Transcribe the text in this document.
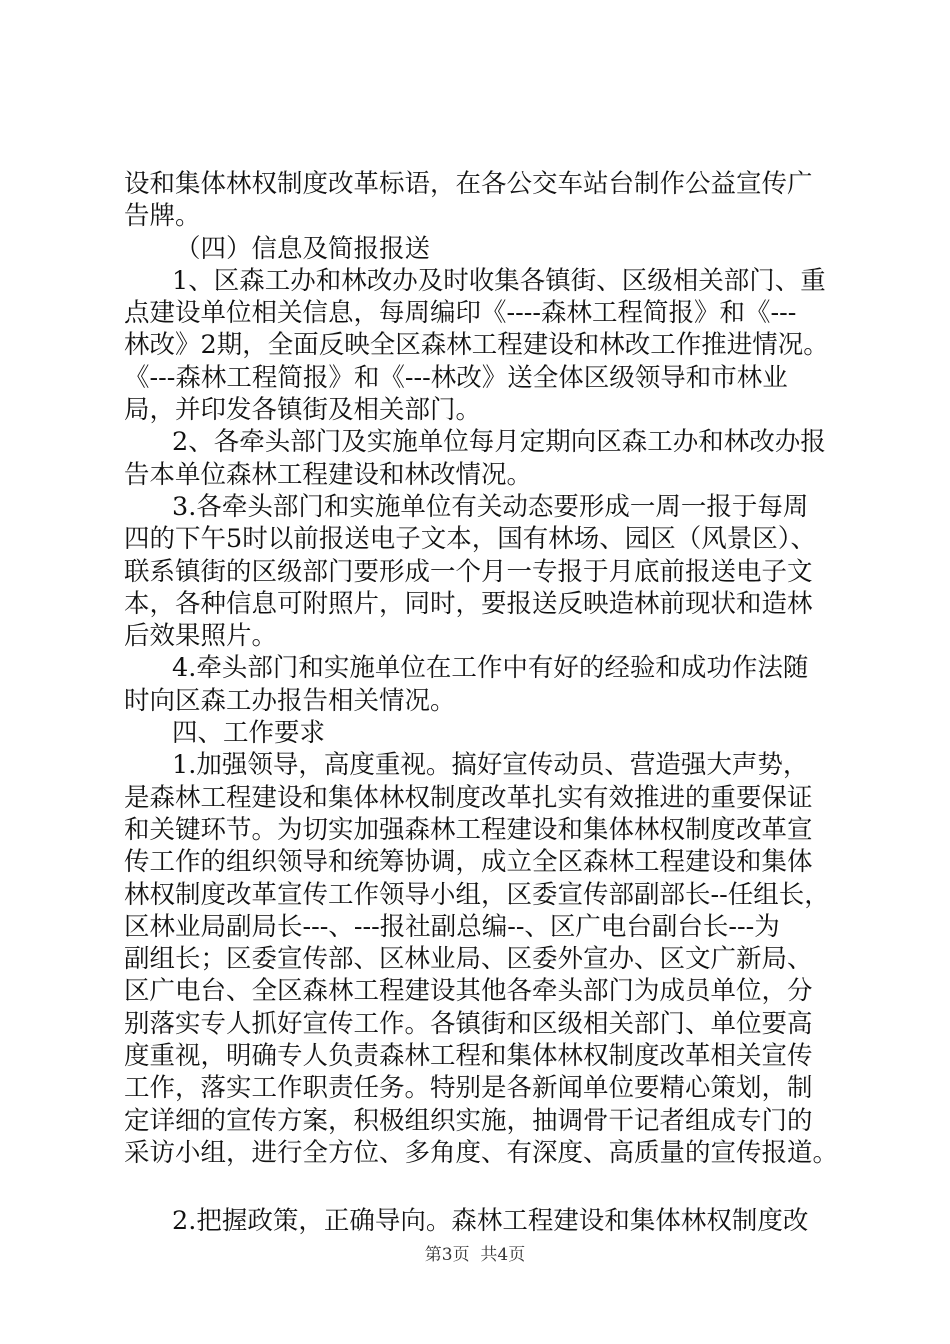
设和集体林权制度改革标语，在各公交车站台制作公益宣传广
告牌。
（四）信息及简报报送
1、区森工办和林改办及时收集各镇街、区级相关部门、重
点建设单位相关信息，每周编印《----森林工程简报》和《---
林改》2期，全面反映全区森林工程建设和林改工作推进情况。
《---森林工程简报》和《---林改》送全体区级领导和市林业
局，并印发各镇街及相关部门。
2、各牵头部门及实施单位每月定期向区森工办和林改办报
告本单位森林工程建设和林改情况。
3.各牵头部门和实施单位有关动态要形成一周一报于每周
四的下午5时以前报送电子文本，国有林场、园区（风景区）、
联系镇街的区级部门要形成一个月一专报于月底前报送电子文
本，各种信息可附照片，同时，要报送反映造林前现状和造林
后效果照片。
4.牵头部门和实施单位在工作中有好的经验和成功作法随
时向区森工办报告相关情况。
四、工作要求
1.加强领导，高度重视。搞好宣传动员、营造强大声势，
是森林工程建设和集体林权制度改革扎实有效推进的重要保证
和关键环节。为切实加强森林工程建设和集体林权制度改革宣
传工作的组织领导和统筹协调，成立全区森林工程建设和集体
林权制度改革宣传工作领导小组，区委宣传部副部长--任组长，
区林业局副局长---、---报社副总编--、区广电台副台长---为
副组长；区委宣传部、区林业局、区委外宣办、区文广新局、
区广电台、全区森林工程建设其他各牵头部门为成员单位，分
别落实专人抓好宣传工作。各镇街和区级相关部门、单位要高
度重视，明确专人负责森林工程和集体林权制度改革相关宣传
工作，落实工作职责任务。特别是各新闻单位要精心策划，制
定详细的宣传方案，积极组织实施，抽调骨干记者组成专门的
采访小组，进行全方位、多角度、有深度、高质量的宣传报道。
2.把握政策，正确导向。森林工程建设和集体林权制度改
第3页  共4页
